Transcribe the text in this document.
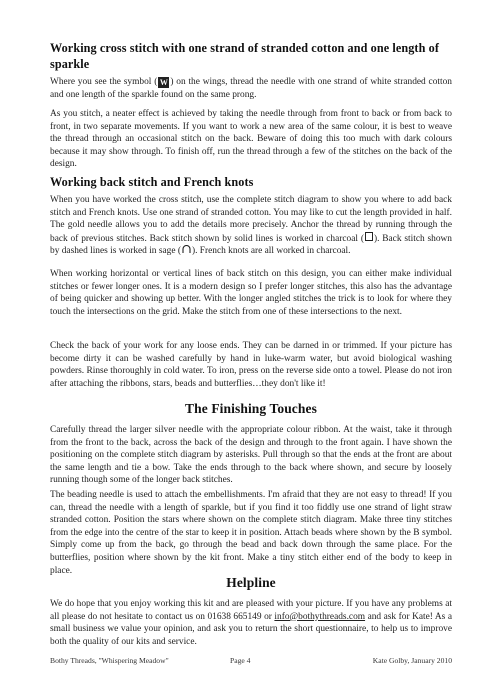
Working cross stitch with one strand of stranded cotton and one length of sparkle

Where you see the symbol ( W ) on the wings, thread the needle with one strand of white stranded cotton and one length of the sparkle found on the same prong.

As you stitch, a neater effect is achieved by taking the needle through from front to back or from back to front, in two separate movements. If you want to work a new area of the same colour, it is best to weave the thread through an occasional stitch on the back. Beware of doing this too much with dark colours because it may show through. To finish off, run the thread through a few of the stitches on the back of the design.

Working back stitch and French knots

When you have worked the cross stitch, use the complete stitch diagram to show you where to add back stitch and French knots. Use one strand of stranded cotton. You may like to cut the length provided in half. The gold needle allows you to add the details more precisely. Anchor the thread by running through the back of previous stitches. Back stitch shown by solid lines is worked in charcoal ( ). Back stitch shown by dashed lines is worked in sage ( ). French knots are all worked in charcoal.

When working horizontal or vertical lines of back stitch on this design, you can either make individual stitches or fewer longer ones. It is a modern design so I prefer longer stitches, this also has the advantage of being quicker and showing up better. With the longer angled stitches the trick is to look for where they touch the intersections on the grid. Make the stitch from one of these intersections to the next.

Check the back of your work for any loose ends. They can be darned in or trimmed. If your picture has become dirty it can be washed carefully by hand in luke-warm water, but avoid biological washing powders. Rinse thoroughly in cold water. To iron, press on the reverse side onto a towel. Please do not iron after attaching the ribbons, stars, beads and butterflies…they don't like it!

The Finishing Touches

Carefully thread the larger silver needle with the appropriate colour ribbon. At the waist, take it through from the front to the back, across the back of the design and through to the front again. I have shown the positioning on the complete stitch diagram by asterisks. Pull through so that the ends at the front are about the same length and tie a bow. Take the ends through to the back where shown, and secure by loosely running though some of the longer back stitches.

The beading needle is used to attach the embellishments. I'm afraid that they are not easy to thread! If you can, thread the needle with a length of sparkle, but if you find it too fiddly use one strand of light straw stranded cotton. Position the stars where shown on the complete stitch diagram. Make three tiny stitches from the edge into the centre of the star to keep it in position. Attach beads where shown by the B symbol. Simply come up from the back, go through the bead and back down through the same place. For the butterflies, position where shown by the kit front. Make a tiny stitch either end of the body to keep in place.

Helpline

We do hope that you enjoy working this kit and are pleased with your picture. If you have any problems at all please do not hesitate to contact us on 01638 665149 or info@bothythreads.com and ask for Kate! As a small business we value your opinion, and ask you to return the short questionnaire, to help us to improve both the quality of our kits and service.

Bothy Threads, "Whispering Meadow"	Page 4	Kate Golby, January 2010
